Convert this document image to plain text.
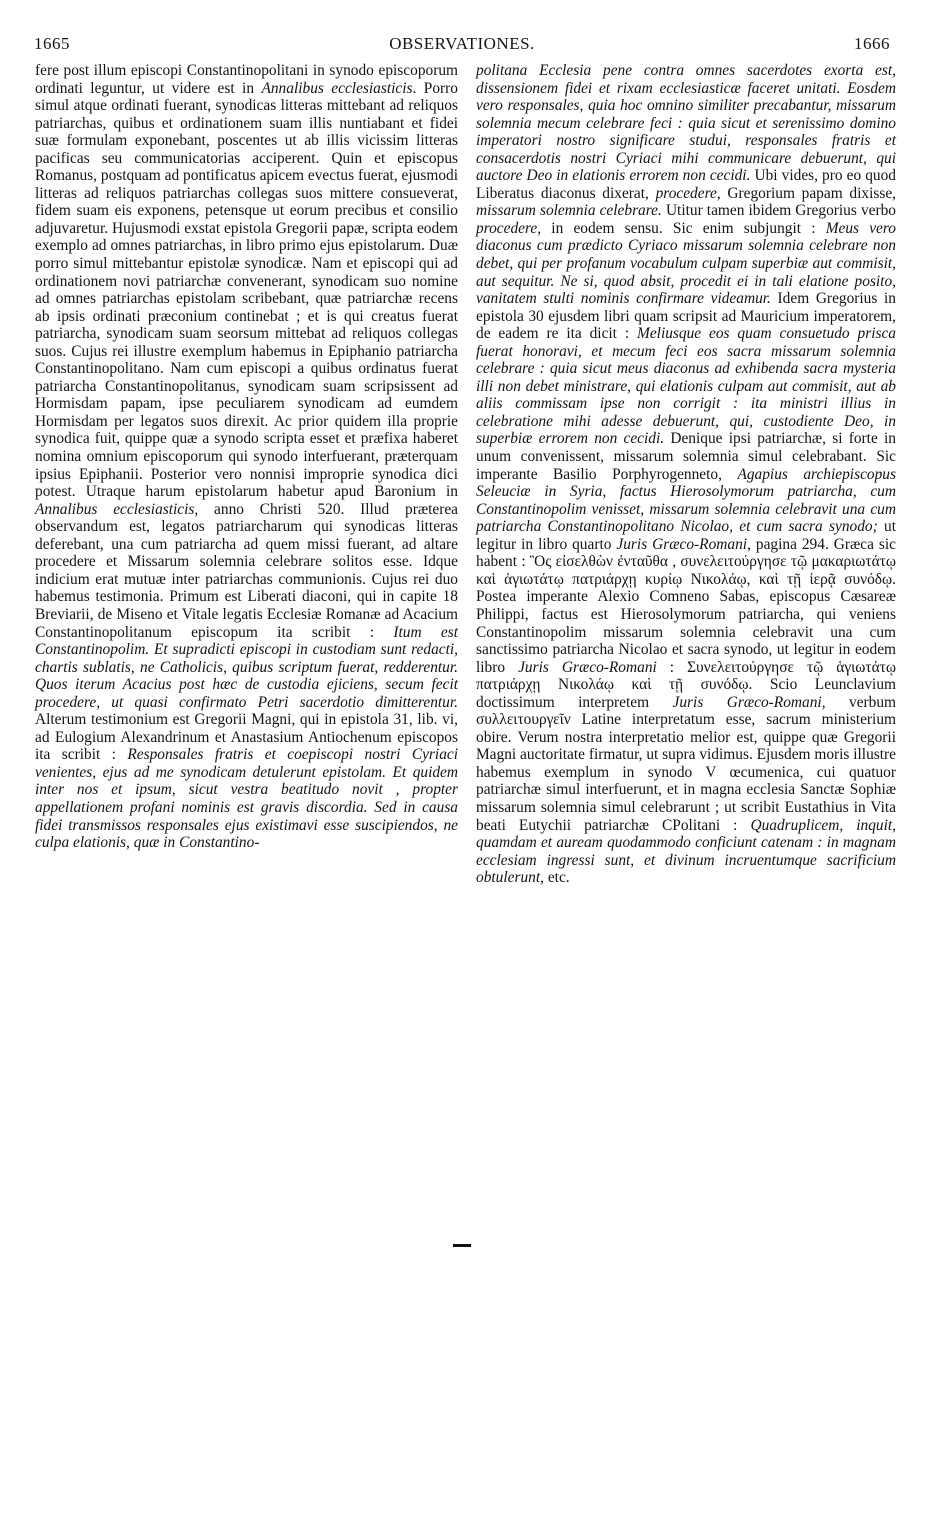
OBSERVATIONES.
1665	1666

fere post illum episcopi Constantinopolitani in synodo episcoporum ordinati leguntur, ut videre est in Annalibus ecclesiasticis. Porro simul atque ordinati fuerant, synodicas litteras mittebant ad reliquos patriarchas, quibus et ordinationem suam illis nuntiabant et fidei suæ formulam exponebant, poscentes ut ab illis vicissim litteras pacificas seu communicatorias acciperent. Quin et episcopus Romanus, postquam ad pontificatus apicem evectus fuerat, ejusmodi litteras ad reliquos patriarchas collegas suos mittere consueverat, fidem suam eis exponens, petensque ut eorum precibus et consilio adjuvaretur. Hujusmodi exstat epistola Gregorii papæ, scripta eodem exemplo ad omnes patriarchas, in libro primo ejus epistolarum. Duæ porro simul mittebantur epistolæ synodicæ. Nam et episcopi qui ad ordinationem novi patriarchæ convenerant, synodicam suo nomine ad omnes patriarchas epistolam scribebant, quæ patriarchæ recens ab ipsis ordinati præconium continebat ; et is qui creatus fuerat patriarcha, synodicam suam seorsum mittebat ad reliquos collegas suos. Cujus rei illustre exemplum habemus in Epiphanio patriarcha Constantinopolitano. Nam cum episcopi a quibus ordinatus fuerat patriarcha Constantinopolitanus, synodicam suam scripsissent ad Hormisdam papam, ipse peculiarem synodicam ad eumdem Hormisdam per legatos suos direxit. Ac prior quidem illa proprie synodica fuit, quippe quæ a synodo scripta esset et præfixa haberet nomina omnium episcoporum qui synodo interfuerant, præterquam ipsius Epiphanii. Posterior vero nonnisi improprie synodica dici potest. Utraque harum epistolarum habetur apud Baronium in Annalibus ecclesiasticis, anno Christi 520. Illud præterea observandum est, legatos patriarcharum qui synodicas litteras deferebant, una cum patriarcha ad quem missi fuerant, ad altare procedere et Missarum solemnia celebrare solitos esse. Idque indicium erat mutuæ inter patriarchas communionis. Cujus rei duo habemus testimonia. Primum est Liberati diaconi, qui in capite 18 Breviarii, de Miseno et Vitale legatis Ecclesiæ Romanæ ad Acacium Constantinopolitanum episcopum ita scribit : Itum est Constantinopolim. Et supradicti episcopi in custodiam sunt redacti, chartis sublatis, ne Catholicis, quibus scriptum fuerat, redderentur. Quos iterum Acacius post hæc de custodia ejiciens, secum fecit procedere, ut quasi confirmato Petri sacerdotio dimitterentur. Alterum testimonium est Gregorii Magni, qui in epistola 31, lib. vi, ad Eulogium Alexandrinum et Anastasium Antiochenum episcopos ita scribit : Responsales fratris et coepiscopi nostri Cyriaci venientes, ejus ad me synodicam detulerunt epistolam. Et quidem inter nos et ipsum, sicut vestra beatitudo novit , propter appellationem profani nominis est gravis discordia. Sed in causa fidei transmissos responsales ejus existimavi esse suscipiendos, ne culpa elationis, quæ in Constantino-

politana Ecclesia pene contra omnes sacerdotes exorta est, dissensionem fidei et rixam ecclesiasticæ faceret unitati. Eosdem vero responsales, quia hoc omnino similiter precabantur, missarum solemnia mecum celebrare feci : quia sicut et serenissimo domino imperatori nostro significare studui, responsales fratris et consacerdotis nostri Cyriaci mihi communicare debuerunt, qui auctore Deo in elationis errorem non cecidi. Ubi vides, pro eo quod Liberatus diaconus dixerat, procedere, Gregorium papam dixisse, missarum solemnia celebrare. Utitur tamen ibidem Gregorius verbo procedere, in eodem sensu. Sic enim subjungit : Meus vero diaconus cum prædicto Cyriaco missarum solemnia celebrare non debet, qui per profanum vocabulum culpam superbiæ aut commisit, aut sequitur. Ne si, quod absit, procedit ei in tali elatione posito, vanitatem stulti nominis confirmare videamur. Idem Gregorius in epistola 30 ejusdem libri quam scripsit ad Mauricium imperatorem, de eadem re ita dicit : Meliusque eos quam consuetudo prisca fuerat honoravi, et mecum feci eos sacra missarum solemnia celebrare : quia sicut meus diaconus ad exhibenda sacra mysteria illi non debet ministrare, qui elationis culpam aut commisit, aut ab aliis commissam ipse non corrigit : ita ministri illius in celebratione mihi adesse debuerunt, qui, custodiente Deo, in superbiæ errorem non cecidi. Denique ipsi patriarchæ, si forte in unum convenissent, missarum solemnia simul celebrabant. Sic imperante Basilio Porphyrogenneto, Agapius archiepiscopus Seleuciæ in Syria, factus Hierosolymorum patriarcha, cum Constantinopolim venisset, missarum solemnia celebravit una cum patriarcha Constantinopolitano Nicolao, et cum sacra synodo; ut legitur in libro quarto Juris Græco-Romani, pagina 294. Græca sic habent : Ὃς εἰσελθὼν ἐνταῦθα , συνελειτούργησε τῷ μακαριωτάτῳ καὶ ἁγιωτάτῳ πατριάρχῃ κυρίῳ Νικολάῳ, καὶ τῇ ἱερᾷ συνόδῳ. Postea imperante Alexio Comneno Sabas, episcopus Cæsareæ Philippi, factus est Hierosolymorum patriarcha, qui veniens Constantinopolim missarum solemnia celebravit una cum sanctissimo patriarcha Nicolao et sacra synodo, ut legitur in eodem libro Juris Græco-Romani : Συνελειτούργησε τῷ ἁγιωτάτῳ πατριάρχῃ Νικολάῳ καὶ τῇ συνόδῳ. Scio Leunclavium doctissimum interpretem Juris Græco-Romani, verbum συλλειτουργεῖν Latine interpretatum esse, sacrum ministerium obire. Verum nostra interpretatio melior est, quippe quæ Gregorii Magni auctoritate firmatur, ut supra vidimus. Ejusdem moris illustre habemus exemplum in synodo V œcumenica, cui quatuor patriarchæ simul interfuerunt, et in magna ecclesia Sanctæ Sophiæ missarum solemnia simul celebrarunt ; ut scribit Eustathius in Vita beati Eutychii patriarchæ CPolitani : Quadruplicem, inquit, quamdam et auream quodammodo conficiunt catenam : in magnam ecclesiam ingressi sunt, et divinum incruentumque sacrificium obtulerunt, etc.
